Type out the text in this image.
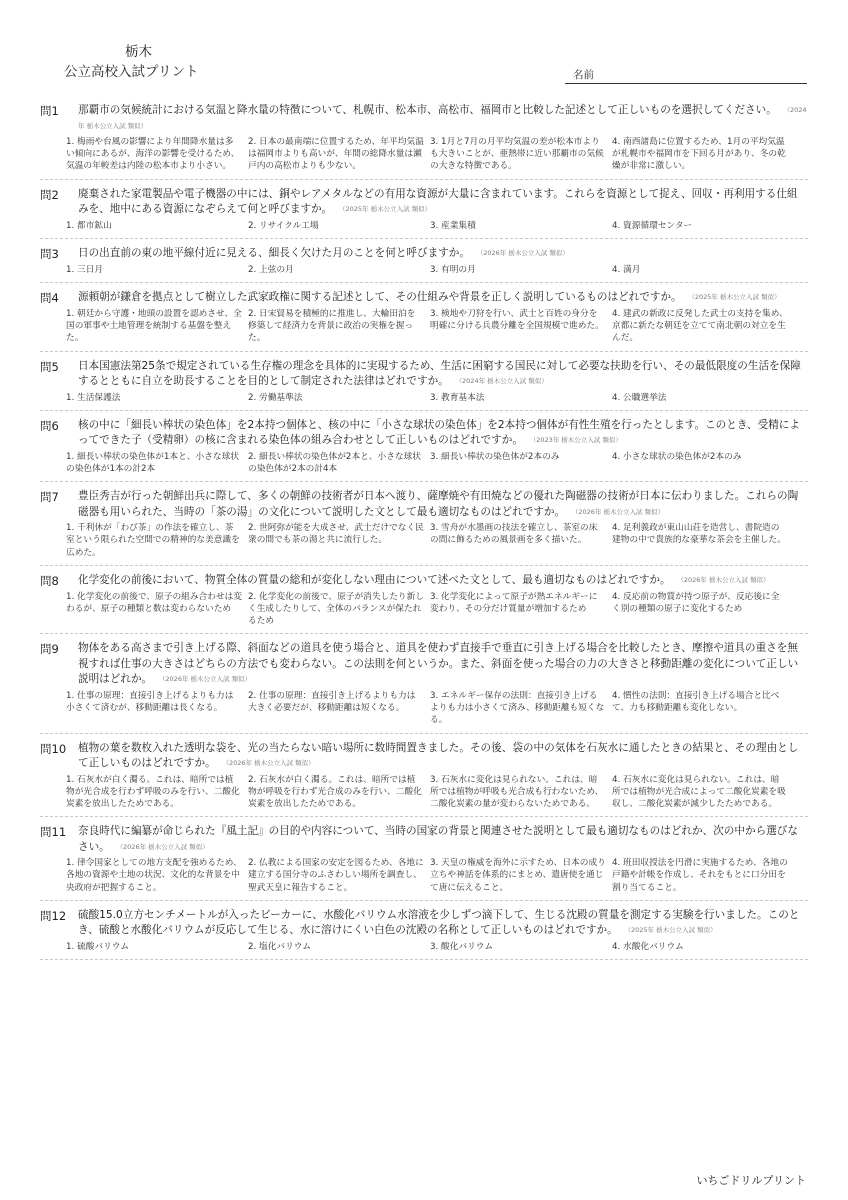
栃木
公立高校入試プリント	名前
問1	那覇市の気候統計における気温と降水量の特徴について、札幌市、松本市、高松市、福岡市と比較した記述として正しいものを選択してください。 （2024年 栃木公立入試 類似）
1. 梅雨や台風の影響により年間降水量は多い傾向にあるが、海洋の影響を受けるため、気温の年較差は内陸の松本市より小さい。
2. 日本の最南端に位置するため、年平均気温は福岡市よりも高いが、年間の総降水量は瀬戸内の高松市よりも少ない。
3. 1月と7月の月平均気温の差が松本市よりも大きいことが、亜熱帯に近い那覇市の気候の大きな特徴である。
4. 南西諸島に位置するため、1月の平均気温が札幌市や福岡市を下回る月があり、冬の乾燥が非常に激しい。
問2	廃棄された家電製品や電子機器の中には、銅やレアメタルなどの有用な資源が大量に含まれています。これらを資源として捉え、回収・再利用する仕組みを、地中にある資源になぞらえて何と呼びますか。 （2025年 栃木公立入試 類似）
1. 都市鉱山	2. リサイクル工場	3. 産業集積	4. 資源循環センター
問3	日の出直前の東の地平線付近に見える、細長く欠けた月のことを何と呼びますか。 （2026年 栃木公立入試 類似）
1. 三日月	2. 上弦の月	3. 有明の月	4. 満月
問4	源頼朝が鎌倉を拠点として樹立した武家政権に関する記述として、その仕組みや背景を正しく説明しているものはどれですか。 （2025年 栃木公立入試 類似）
1. 朝廷から守護・地頭の設置を認めさせ、全国の軍事や土地管理を統制する基盤を整えた。
2. 日宋貿易を積極的に推進し、大輪田泊を修築して経済力を背景に政治の実権を握った。
3. 検地や刀狩を行い、武士と百姓の身分を明確に分ける兵農分離を全国規模で進めた。
4. 建武の新政に反発した武士の支持を集め、京都に新たな朝廷を立てて南北朝の対立を生んだ。
問5	日本国憲法第25条で規定されている生存権の理念を具体的に実現するため、生活に困窮する国民に対して必要な扶助を行い、その最低限度の生活を保障するとともに自立を助長することを目的として制定された法律はどれですか。 （2024年 栃木公立入試 類似）
1. 生活保護法	2. 労働基準法	3. 教育基本法	4. 公職選挙法
問6	核の中に「細長い棒状の染色体」を2本持つ個体と、核の中に「小さな球状の染色体」を2本持つ個体が有性生殖を行ったとします。このとき、受精によってできた子（受精卵）の核に含まれる染色体の組み合わせとして正しいものはどれですか。 （2023年 栃木公立入試 類似）
1. 細長い棒状の染色体が1本と、小さな球状の染色体が1本の計2本
2. 細長い棒状の染色体が2本と、小さな球状の染色体が2本の計4本
3. 細長い棒状の染色体が2本のみ	4. 小さな球状の染色体が2本のみ
問7	豊臣秀吉が行った朝鮮出兵に際して、多くの朝鮮の技術者が日本へ渡り、薩摩焼や有田焼などの優れた陶磁器の技術が日本に伝わりました。これらの陶磁器も用いられた、当時の「茶の湯」の文化について説明した文として最も適切なものはどれですか。 （2026年 栃木公立入試 類似）
1. 千利休が「わび茶」の作法を確立し、茶室という限られた空間での精神的な美意識を広めた。
2. 世阿弥が能を大成させ、武士だけでなく民衆の間でも茶の湯と共に流行した。
3. 雪舟が水墨画の技法を確立し、茶室の床の間に飾るための風景画を多く描いた。
4. 足利義政が東山山荘を造営し、書院造の建物の中で貴族的な豪華な茶会を主催した。
問8	化学変化の前後において、物質全体の質量の総和が変化しない理由について述べた文として、最も適切なものはどれですか。 （2026年 栃木公立入試 類似）
1. 化学変化の前後で、原子の組み合わせは変わるが、原子の種類と数は変わらないため
2. 化学変化の前後で、原子が消失したり新しく生成したりして、全体のバランスが保たれるため
3. 化学変化によって原子が熱エネルギーに変わり、その分だけ質量が増加するため
4. 反応前の物質が持つ原子が、反応後に全く別の種類の原子に変化するため
問9	物体をある高さまで引き上げる際、斜面などの道具を使う場合と、道具を使わず直接手で垂直に引き上げる場合を比較したとき、摩擦や道具の重さを無視すれば仕事の大きさはどちらの方法でも変わらない。この法則を何というか。また、斜面を使った場合の力の大きさと移動距離の変化について正しい説明はどれか。 （2026年 栃木公立入試 類似）
1. 仕事の原理：直接引き上げるよりも力は小さくて済むが、移動距離は長くなる。
2. 仕事の原理：直接引き上げるよりも力は大きく必要だが、移動距離は短くなる。
3. エネルギー保存の法則：直接引き上げるよりも力は小さくて済み、移動距離も短くなる。
4. 慣性の法則：直接引き上げる場合と比べて、力も移動距離も変化しない。
問10	植物の葉を数枚入れた透明な袋を、光の当たらない暗い場所に数時間置きました。その後、袋の中の気体を石灰水に通したときの結果と、その理由として正しいものはどれですか。 （2026年 栃木公立入試 類似）
1. 石灰水が白く濁る。これは、暗所では植物が光合成を行わず呼吸のみを行い、二酸化炭素を放出したためである。
2. 石灰水が白く濁る。これは、暗所では植物が呼吸を行わず光合成のみを行い、二酸化炭素を放出したためである。
3. 石灰水に変化は見られない。これは、暗所では植物が呼吸も光合成も行わないため、二酸化炭素の量が変わらないためである。
4. 石灰水に変化は見られない。これは、暗所では植物が光合成によって二酸化炭素を吸収し、二酸化炭素が減少したためである。
問11	奈良時代に編纂が命じられた『風土記』の目的や内容について、当時の国家の背景と関連させた説明として最も適切なものはどれか、次の中から選びなさい。 （2026年 栃木公立入試 類似）
1. 律令国家としての地方支配を強めるため、各地の資源や土地の状況、文化的な背景を中央政府が把握すること。
2. 仏教による国家の安定を図るため、各地に建立する国分寺のふさわしい場所を調査し、聖武天皇に報告すること。
3. 天皇の権威を海外に示すため、日本の成り立ちや神話を体系的にまとめ、遣唐使を通じて唐に伝えること。
4. 班田収授法を円滑に実施するため、各地の戸籍や計帳を作成し、それをもとに口分田を割り当てること。
問12	硫酸15.0立方センチメートルが入ったビーカーに、水酸化バリウム水溶液を少しずつ滴下して、生じる沈殿の質量を測定する実験を行いました。このとき、硫酸と水酸化バリウムが反応して生じる、水に溶けにくい白色の沈殿の名称として正しいものはどれですか。 （2025年 栃木公立入試 類似）
1. 硫酸バリウム	2. 塩化バリウム	3. 酸化バリウム	4. 水酸化バリウム
いちごドリルプリント
